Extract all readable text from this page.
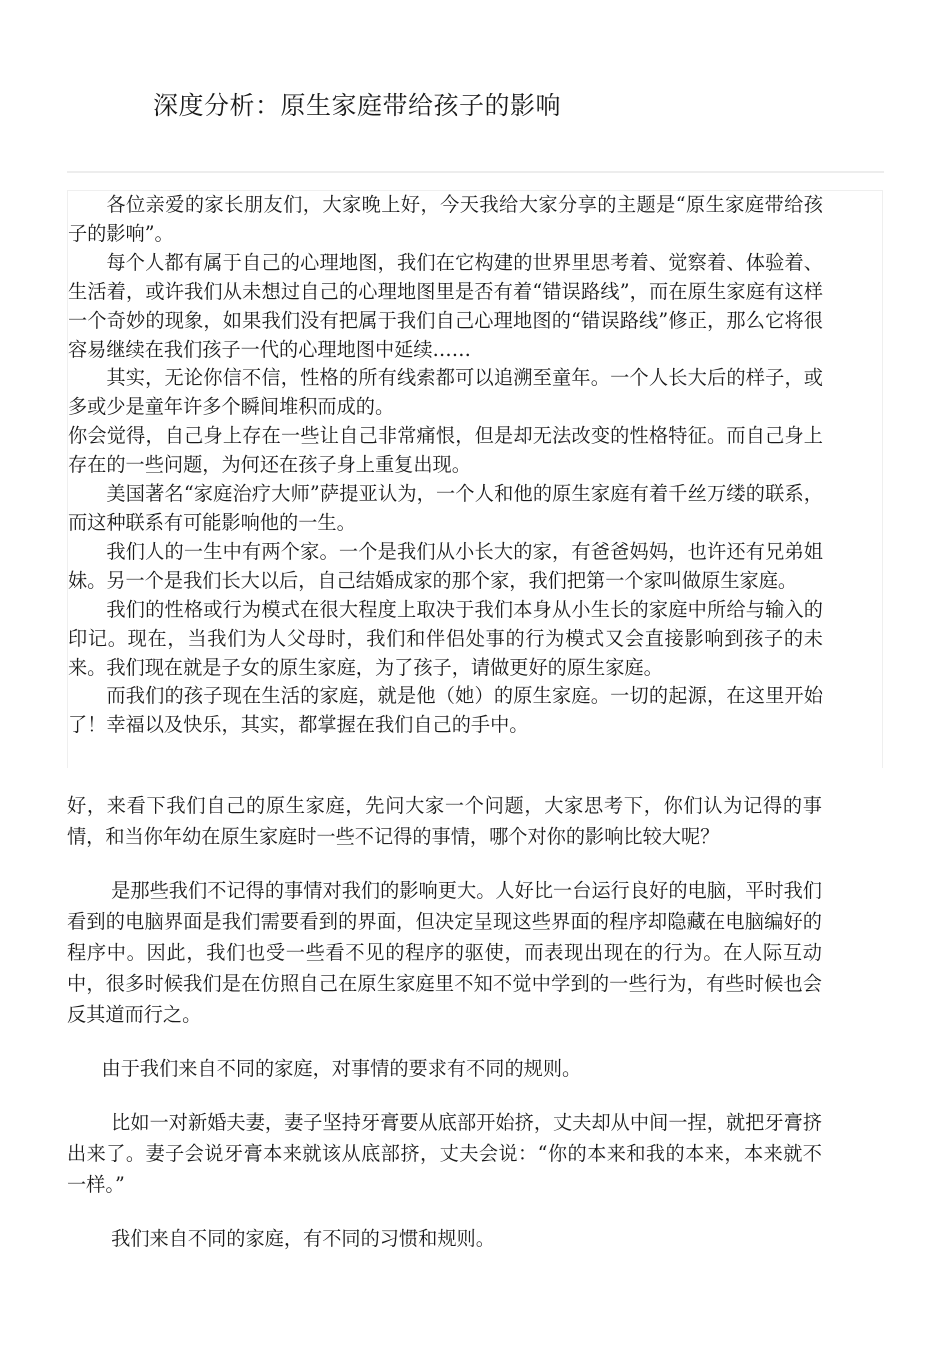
深度分析：原生家庭带给孩子的影响

各位亲爱的家长朋友们，大家晚上好，今天我给大家分享的主题是“原生家庭带给孩子的影响”。

每个人都有属于自己的心理地图，我们在它构建的世界里思考着、觉察着、体验着、生活着，或许我们从未想过自己的心理地图里是否有着“错误路线”，而在原生家庭有这样一个奇妙的现象，如果我们没有把属于我们自己心理地图的“错误路线”修正，那么它将很容易继续在我们孩子一代的心理地图中延续……

其实，无论你信不信，性格的所有线索都可以追溯至童年。一个人长大后的样子，或多或少是童年许多个瞬间堆积而成的。

你会觉得，自己身上存在一些让自己非常痛恨，但是却无法改变的性格特征。而自己身上存在的一些问题，为何还在孩子身上重复出现。

美国著名“家庭治疗大师”萨提亚认为，一个人和他的原生家庭有着千丝万缕的联系，而这种联系有可能影响他的一生。

我们人的一生中有两个家。一个是我们从小长大的家，有爸爸妈妈，也许还有兄弟姐妹。另一个是我们长大以后，自己结婚成家的那个家，我们把第一个家叫做原生家庭。

我们的性格或行为模式在很大程度上取决于我们本身从小生长的家庭中所给与输入的印记。现在，当我们为人父母时，我们和伴侣处事的行为模式又会直接影响到孩子的未来。我们现在就是子女的原生家庭，为了孩子，请做更好的原生家庭。

而我们的孩子现在生活的家庭，就是他（她）的原生家庭。一切的起源，在这里开始了！幸福以及快乐，其实，都掌握在我们自己的手中。

好，来看下我们自己的原生家庭，先问大家一个问题，大家思考下，你们认为记得的事情，和当你年幼在原生家庭时一些不记得的事情，哪个对你的影响比较大呢？

是那些我们不记得的事情对我们的影响更大。人好比一台运行良好的电脑，平时我们看到的电脑界面是我们需要看到的界面，但决定呈现这些界面的程序却隐藏在电脑编好的程序中。因此，我们也受一些看不见的程序的驱使，而表现出现在的行为。在人际互动中，很多时候我们是在仿照自己在原生家庭里不知不觉中学到的一些行为，有些时候也会反其道而行之。

由于我们来自不同的家庭，对事情的要求有不同的规则。

比如一对新婚夫妻，妻子坚持牙膏要从底部开始挤，丈夫却从中间一捏，就把牙膏挤出来了。妻子会说牙膏本来就该从底部挤，丈夫会说：“你的本来和我的本来，本来就不一样。”

我们来自不同的家庭，有不同的习惯和规则。
